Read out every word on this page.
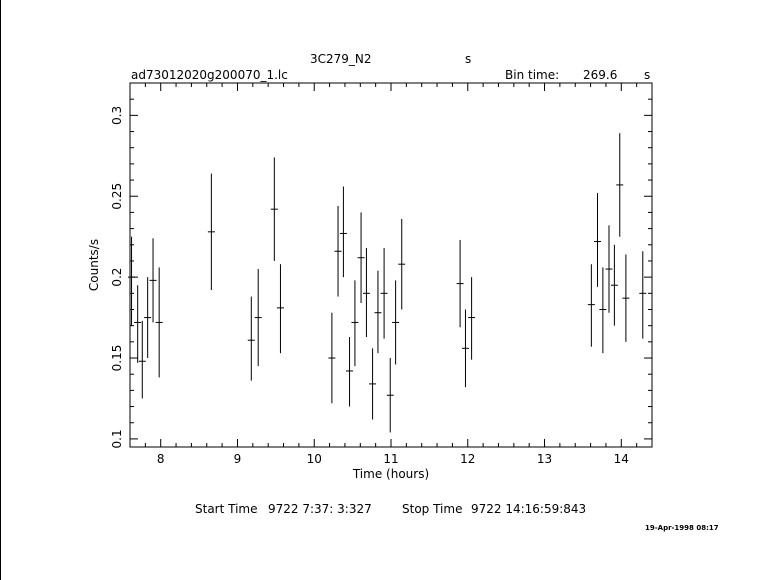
3C279_N2	s
ad73012020g200070_1.lc	Bin time: 269.6 s
8	9	10	11	12	13	14
0.1
0.15
0.2
0.25
0.3
Time (hours)
Counts/s
Start Time 9722 7:37: 3:327	Stop Time 9722 14:16:59:843
19-Apr-1998 08:17
